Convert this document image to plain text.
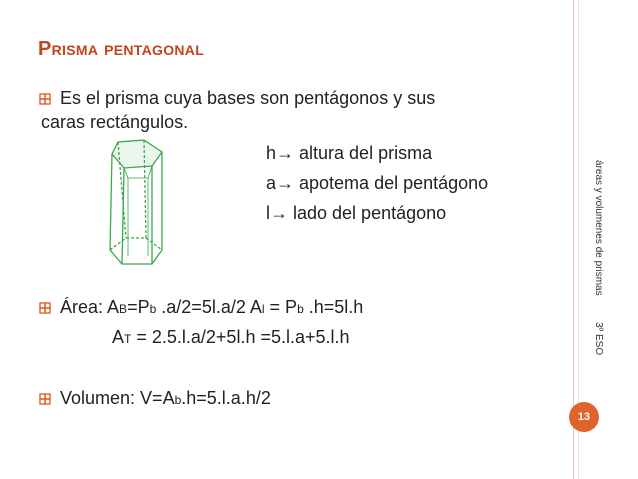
Prisma pentagonal
Es el prisma cuya bases son pentágonos y sus
caras rectángulos.
h→ altura del prisma
a→ apotema del pentágono
l→ lado del pentágono
Área: AB=Pb .a/2=5l.a/2 Al = Pb .h=5l.h
AT = 2.5.l.a/2+5l.h =5.l.a+5.l.h
Volumen: V=Ab.h=5.l.a.h/2
áreas y volumenes de prismas
3º ESO
13
